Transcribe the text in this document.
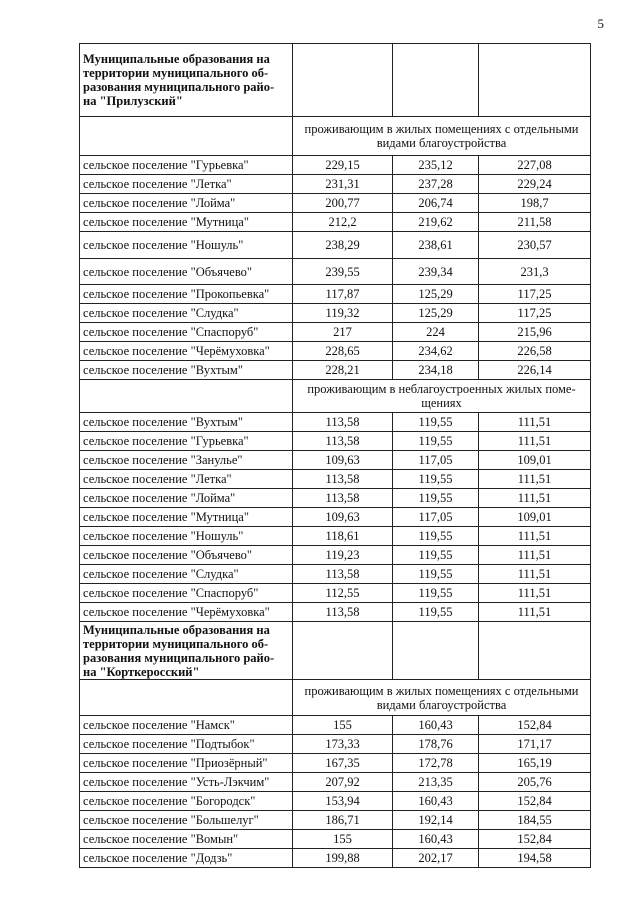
5
Муниципальные образования на
территории муниципального об-
разования муниципального райо-
на "Прилузский"			
	проживающим в жилых помещениях с отдельными
видами благоустройства		
сельское поселение "Гурьевка"	229,15	235,12	227,08
сельское поселение "Летка"	231,31	237,28	229,24
сельское поселение "Лойма"	200,77	206,74	198,7
сельское поселение "Мутница"	212,2	219,62	211,58
сельское поселение "Ношуль"	238,29	238,61	230,57
сельское поселение "Объячево"	239,55	239,34	231,3
сельское поселение "Прокопьевка"	117,87	125,29	117,25
сельское поселение "Слудка"	119,32	125,29	117,25
сельское поселение "Спаспоруб"	217	224	215,96
сельское поселение "Черёмуховка"	228,65	234,62	226,58
сельское поселение "Вухтым"	228,21	234,18	226,14
	проживающим в неблагоустроенных жилых поме-
щениях		
сельское поселение "Вухтым"	113,58	119,55	111,51
сельское поселение "Гурьевка"	113,58	119,55	111,51
сельское поселение "Занулье"	109,63	117,05	109,01
сельское поселение "Летка"	113,58	119,55	111,51
сельское поселение "Лойма"	113,58	119,55	111,51
сельское поселение "Мутница"	109,63	117,05	109,01
сельское поселение "Ношуль"	118,61	119,55	111,51
сельское поселение "Объячево"	119,23	119,55	111,51
сельское поселение "Слудка"	113,58	119,55	111,51
сельское поселение "Спаспоруб"	112,55	119,55	111,51
сельское поселение "Черёмуховка"	113,58	119,55	111,51
Муниципальные образования на
территории муниципального об-
разования муниципального райо-
на "Корткеросский"			
	проживающим в жилых помещениях с отдельными
видами благоустройства		
сельское поселение "Намск"	155	160,43	152,84
сельское поселение "Подтыбок"	173,33	178,76	171,17
сельское поселение "Приозёрный"	167,35	172,78	165,19
сельское поселение "Усть-Лэкчим"	207,92	213,35	205,76
сельское поселение "Богородск"	153,94	160,43	152,84
сельское поселение "Большелуг"	186,71	192,14	184,55
сельское поселение "Вомын"	155	160,43	152,84
сельское поселение "Додзь"	199,88	202,17	194,58
